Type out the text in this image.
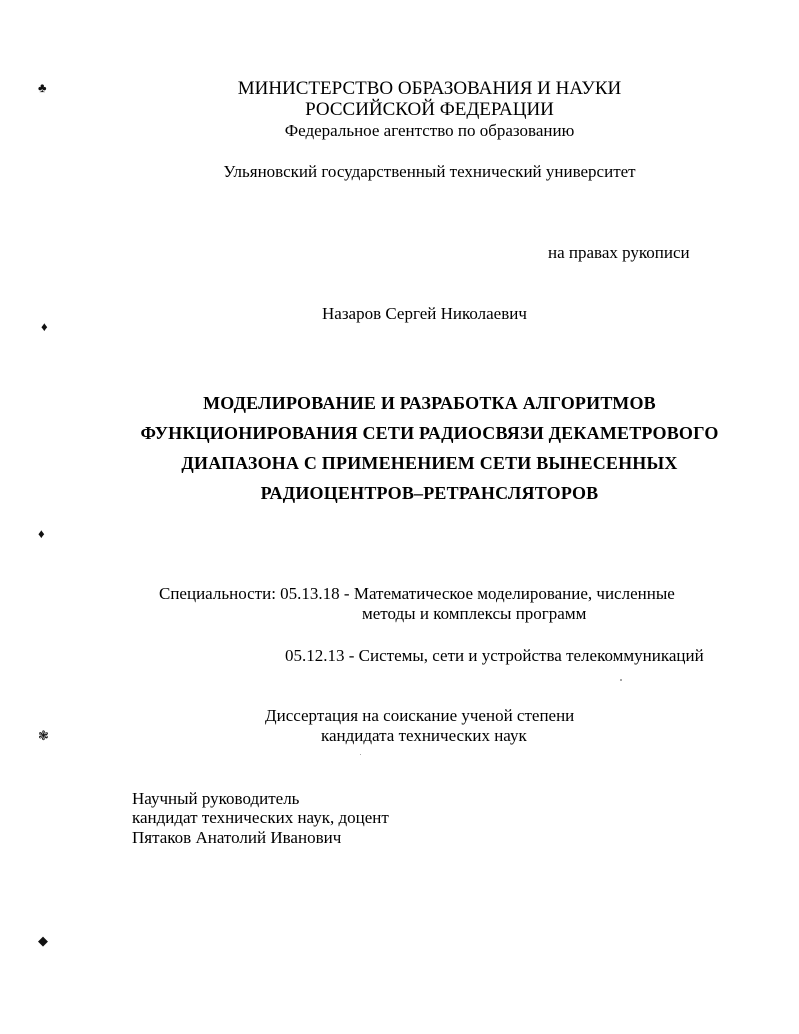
♣
♦
♦
❃
◆
МИНИСТЕРСТВО ОБРАЗОВАНИЯ И НАУКИ
РОССИЙСКОЙ ФЕДЕРАЦИИ
Федеральное агентство по образованию
Ульяновский государственный технический университет
на правах рукописи
Назаров Сергей Николаевич
МОДЕЛИРОВАНИЕ И РАЗРАБОТКА АЛГОРИТМОВ
ФУНКЦИОНИРОВАНИЯ СЕТИ РАДИОСВЯЗИ ДЕКАМЕТРОВОГО
ДИАПАЗОНА С ПРИМЕНЕНИЕМ СЕТИ ВЫНЕСЕННЫХ
РАДИОЦЕНТРОВ–РЕТРАНСЛЯТОРОВ
Специальности: 05.13.18 - Математическое моделирование, численные
методы и комплексы программ
05.12.13 - Системы, сети и устройства телекоммуникаций
Диссертация на соискание ученой степени
кандидата технических наук
Научный руководитель
кандидат технических наук, доцент
Пятаков Анатолий Иванович
